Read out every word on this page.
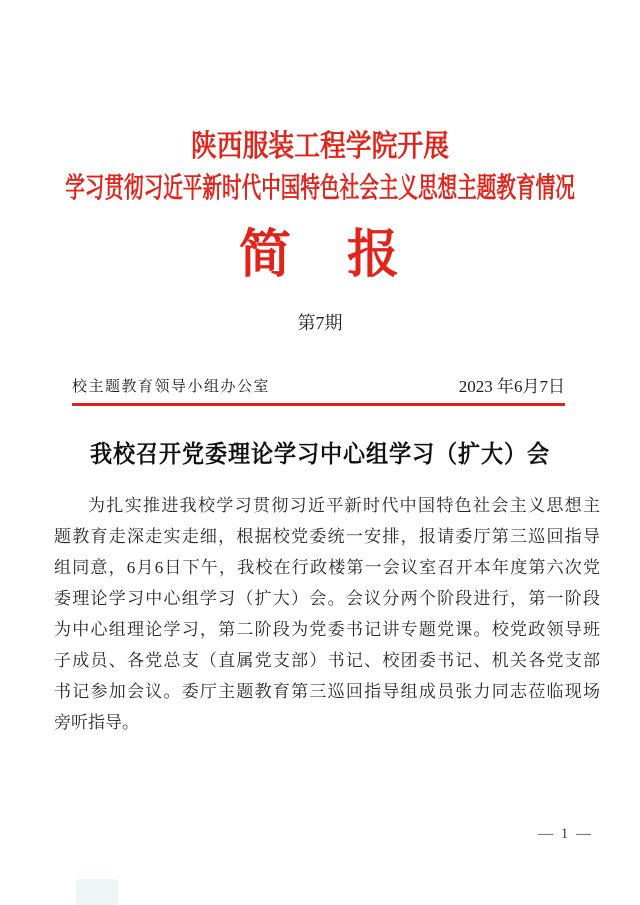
陕西服装工程学院开展
学习贯彻习近平新时代中国特色社会主义思想主题教育情况
简　报
第7期
校主题教育领导小组办公室	2023 年6月7日
我校召开党委理论学习中心组学习（扩大）会
为扎实推进我校学习贯彻习近平新时代中国特色社会主义思想主
题教育走深走实走细，根据校党委统一安排，报请委厅第三巡回指导
组同意，6月6日下午，我校在行政楼第一会议室召开本年度第六次党
委理论学习中心组学习（扩大）会。会议分两个阶段进行，第一阶段
为中心组理论学习，第二阶段为党委书记讲专题党课。校党政领导班
子成员、各党总支（直属党支部）书记、校团委书记、机关各党支部
书记参加会议。委厅主题教育第三巡回指导组成员张力同志莅临现场
旁听指导。
— 1 —
